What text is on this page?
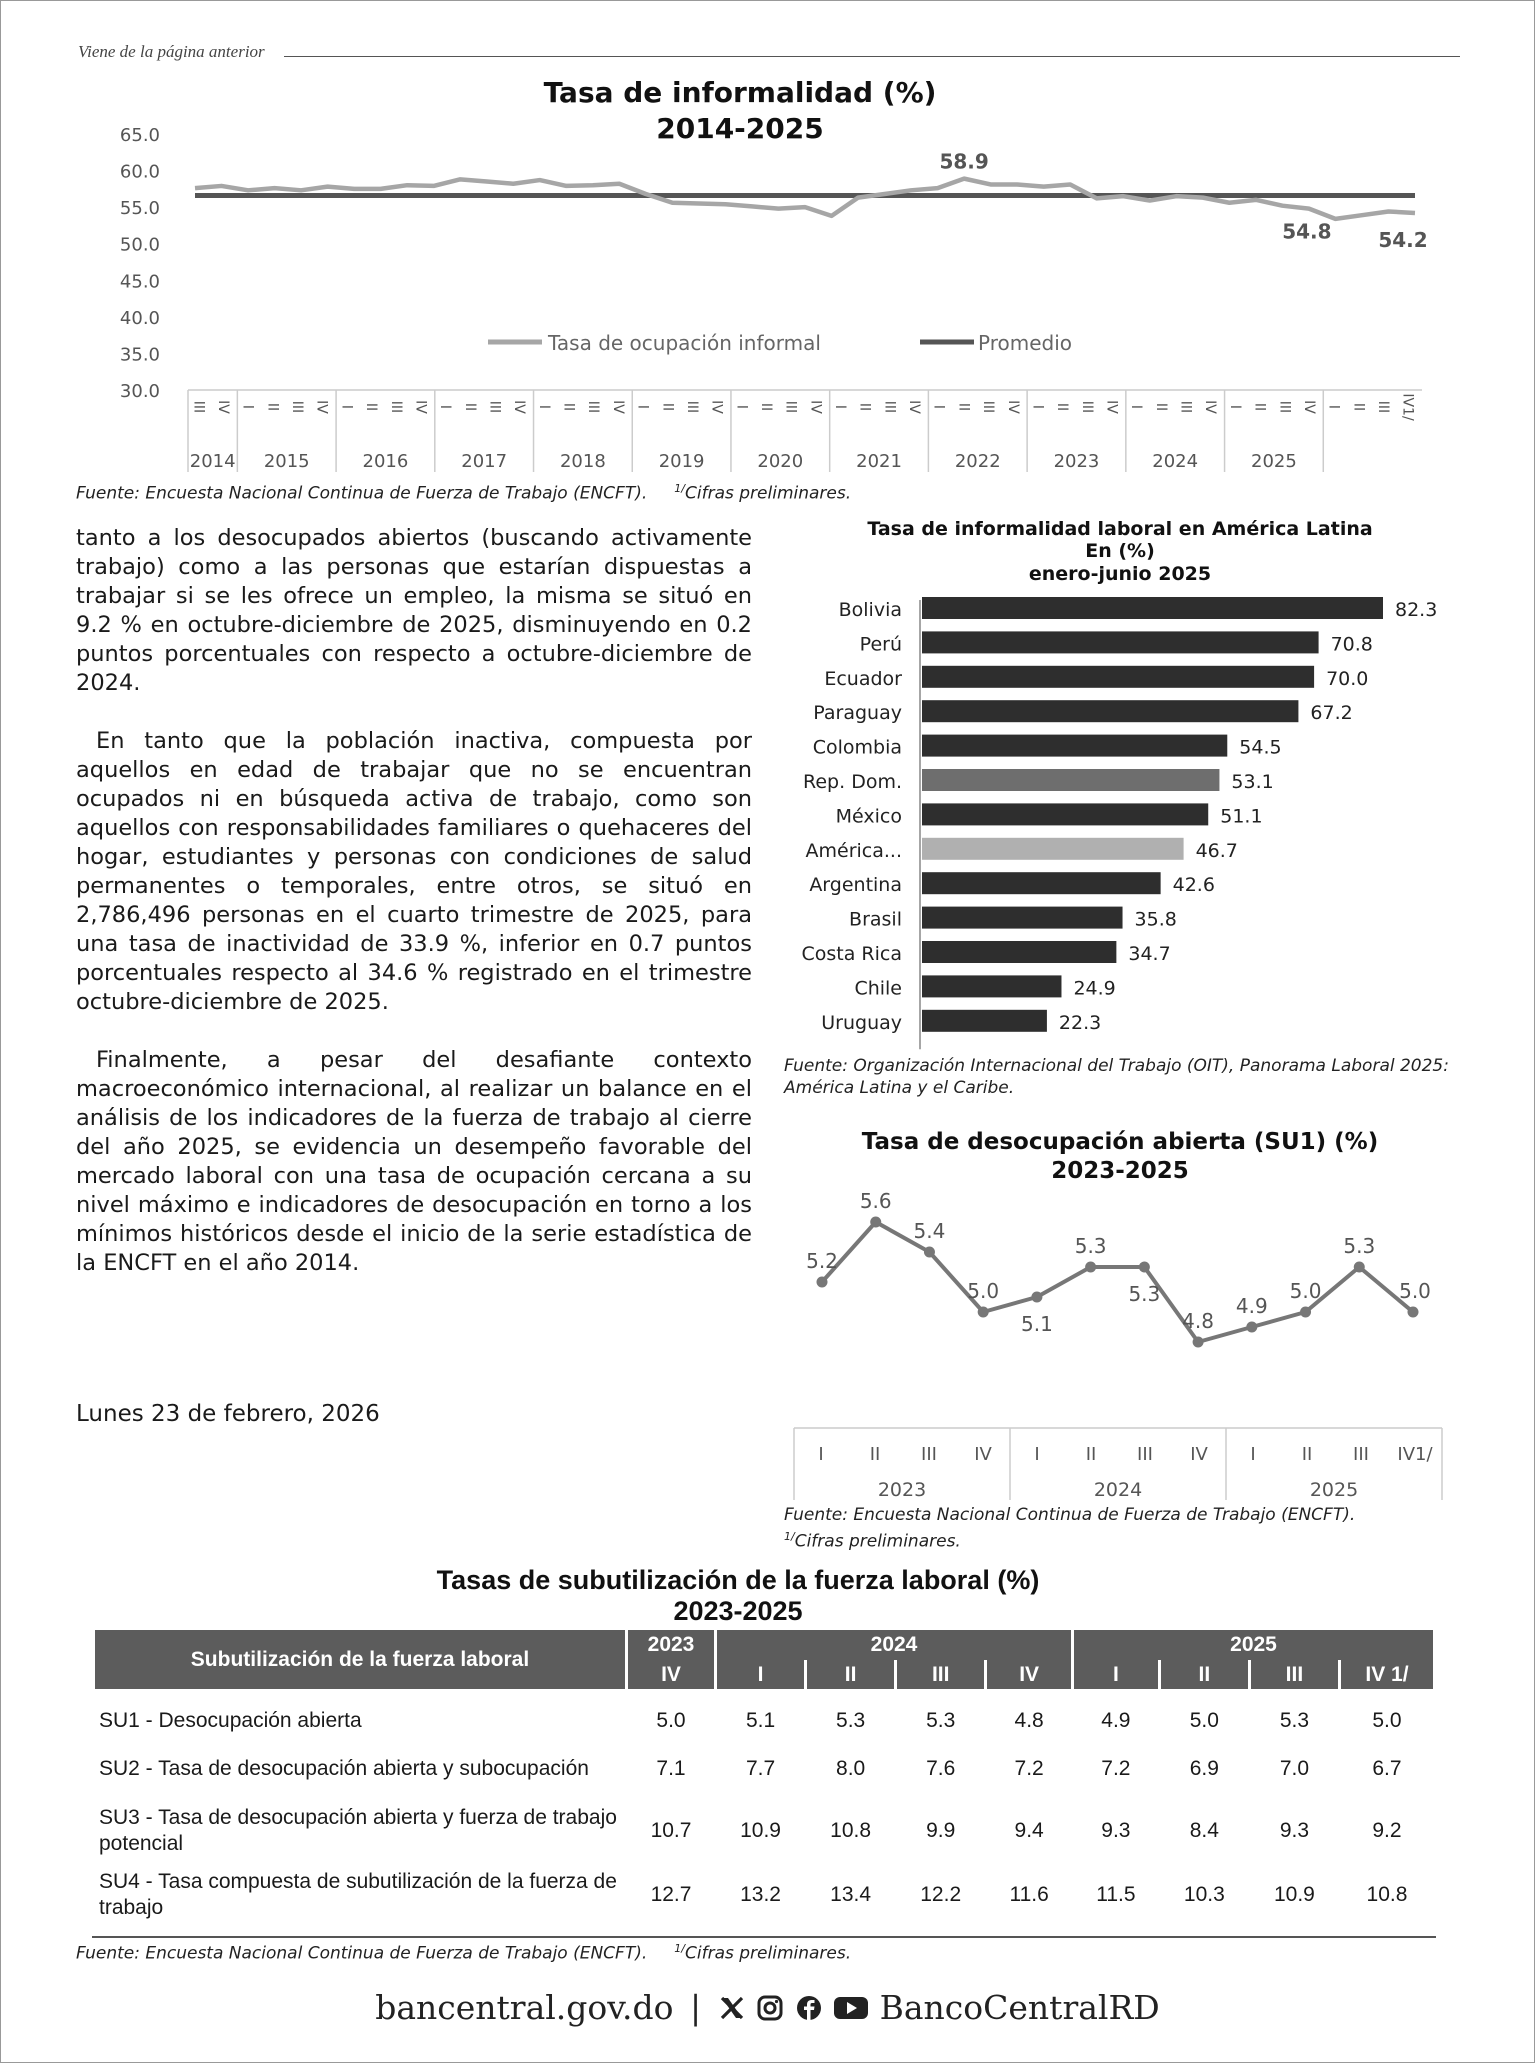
Viene de la página anterior
Tasa de informalidad (%)
2014-2025
65.0
60.0
55.0
50.0
45.0
40.0
35.0
30.0
2014 2015	2016	2017	2018	2019	2020	2021	2022	2023	2024	2025
III IV I II III IV I II III IV I II III IV I II III IV I II III IV I II III IV I II III IV I II III IV I II III IV I II III IV I II III IV I II III IV1/
58.9
54.8 54.2
Tasa de ocupación informal	Promedio
Fuente: Encuesta Nacional Continua de Fuerza de Trabajo (ENCFT). $^{1/}$Cifras preliminares.

tanto a los desocupados abiertos (buscando activamente trabajo) como a las personas que estarían dispuestas a trabajar si se les ofrece un empleo, la misma se situó en 9.2 % en octubre-diciembre de 2025, disminuyendo en 0.2 puntos porcentuales con respecto a octubre-diciembre de 2024.

En tanto que la población inactiva, compuesta por aquellos en edad de trabajar que no se encuentran ocupados ni en búsqueda activa de trabajo, como son aquellos con responsabilidades familiares o quehaceres del hogar, estudiantes y personas con condiciones de salud permanentes o temporales, entre otros, se situó en 2,786,496 personas en el cuarto trimestre de 2025, para una tasa de inactividad de 33.9 %, inferior en 0.7 puntos porcentuales respecto al 34.6 % registrado en el trimestre octubre-diciembre de 2025.

Finalmente, a pesar del desafiante contexto macroeconómico internacional, al realizar un balance en el análisis de los indicadores de la fuerza de trabajo al cierre del año 2025, se evidencia un desempeño favorable del mercado laboral con una tasa de ocupación cercana a su nivel máximo e indicadores de desocupación en torno a los mínimos históricos desde el inicio de la serie estadística de la ENCFT en el año 2014.

Lunes 23 de febrero, 2026
Tasa de informalidad laboral en América Latina
En (%)
enero-junio 2025
Bolivia	82.3
Perú	70.8
Ecuador	70.0
Paraguay	67.2
Colombia	54.5
Rep. Dom.	53.1
México	51.1
América...	46.7
Argentina	42.6
Brasil	35.8
Costa Rica	34.7
Chile	24.9
Uruguay	22.3
Fuente: Organización Internacional del Trabajo (OIT), Panorama Laboral 2025: América Latina y el Caribe.
Tasa de desocupación abierta (SU1) (%)
2023-2025
5.2
5.6
5.4
5.0
5.1
5.3
5.3
4.8
4.9
5.0
5.3
5.0
2023	2024	2025
I	II III IV I	II III IV I	II III IV1/
Fuente: Encuesta Nacional Continua de Fuerza de Trabajo (ENCFT).
$^{1/}$Cifras preliminares.
Tasas de subutilización de la fuerza laboral (%)
2023-2025
Subutilización de la fuerza laboral	2023	2024				2025			
	IV	I	II	III	IV	I	II	III	IV 1/

SU1 - Desocupación abierta	5.0	5.1	5.3	5.3	4.8	4.9	5.0	5.3	5.0
SU2 - Tasa de desocupación abierta y subocupación	7.1	7.7	8.0	7.6	7.2	7.2	6.9	7.0	6.7
SU3 - Tasa de desocupación abierta y fuerza de trabajo potencial	10.7	10.9	10.8	9.9	9.4	9.3	8.4	9.3	9.2
SU4 - Tasa compuesta de subutilización de la fuerza de trabajo	12.7	13.2	13.4	12.2	11.6	11.5	10.3	10.9	10.8
Fuente: Encuesta Nacional Continua de Fuerza de Trabajo (ENCFT). $^{1/}$Cifras preliminares.
bancentral.gov.do |	BancoCentralRD
